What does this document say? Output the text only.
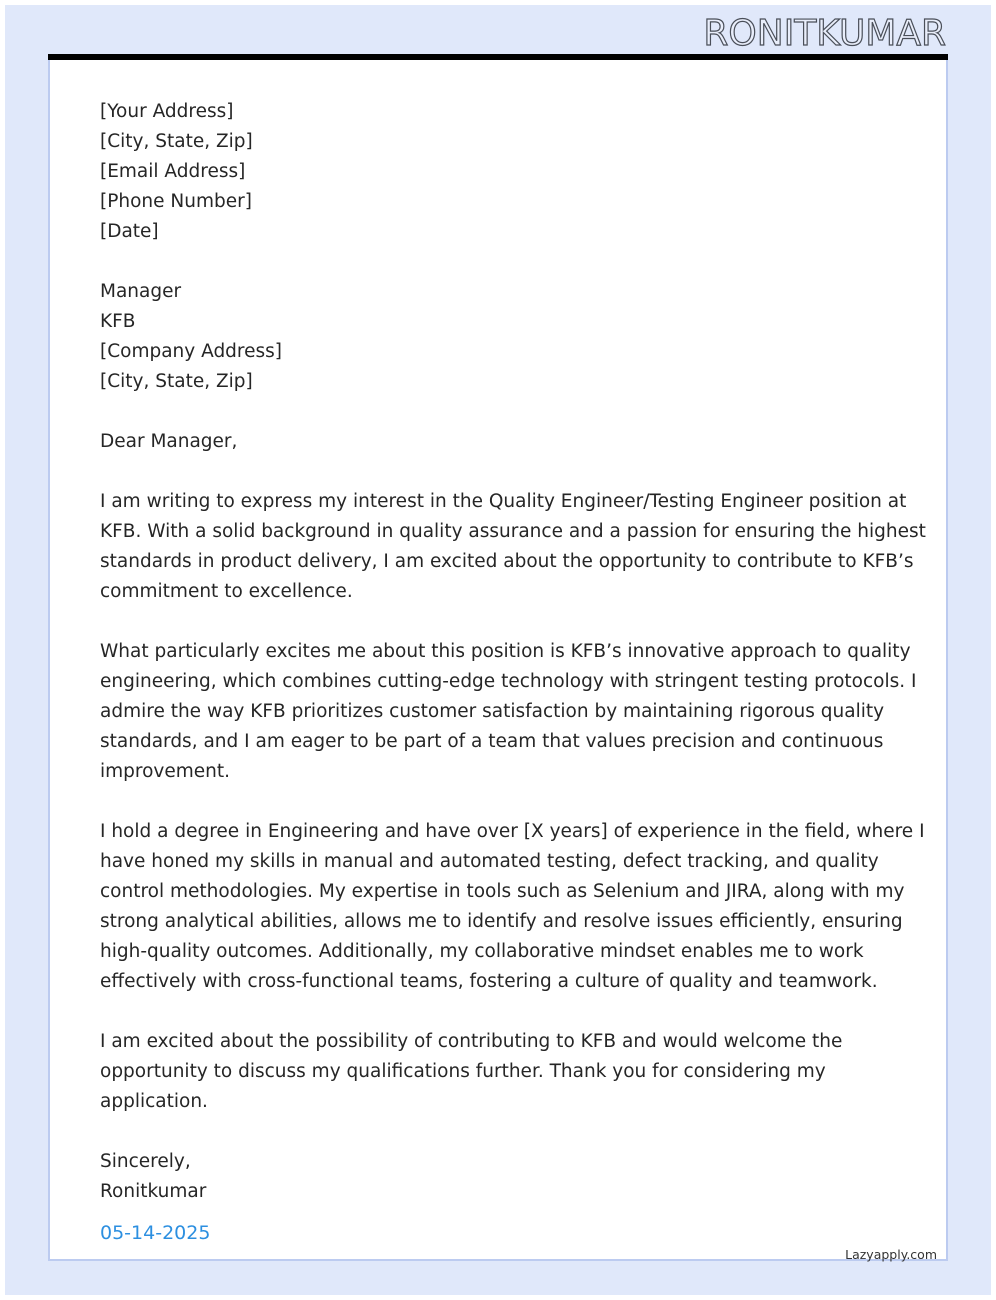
RONITKUMAR
[Your Address]
[City, State, Zip]
[Email Address]
[Phone Number]
[Date]
Manager
KFB
[Company Address]
[City, State, Zip]
Dear Manager,
I am writing to express my interest in the Quality Engineer/Testing Engineer position at
KFB. With a solid background in quality assurance and a passion for ensuring the highest
standards in product delivery, I am excited about the opportunity to contribute to KFB’s
commitment to excellence.
What particularly excites me about this position is KFB’s innovative approach to quality
engineering, which combines cutting-edge technology with stringent testing protocols. I
admire the way KFB prioritizes customer satisfaction by maintaining rigorous quality
standards, and I am eager to be part of a team that values precision and continuous
improvement.
I hold a degree in Engineering and have over [X years] of experience in the field, where I
have honed my skills in manual and automated testing, defect tracking, and quality
control methodologies. My expertise in tools such as Selenium and JIRA, along with my
strong analytical abilities, allows me to identify and resolve issues efficiently, ensuring
high-quality outcomes. Additionally, my collaborative mindset enables me to work
effectively with cross-functional teams, fostering a culture of quality and teamwork.
I am excited about the possibility of contributing to KFB and would welcome the
opportunity to discuss my qualifications further. Thank you for considering my
application.
Sincerely,
Ronitkumar
05-14-2025
Lazyapply.com
